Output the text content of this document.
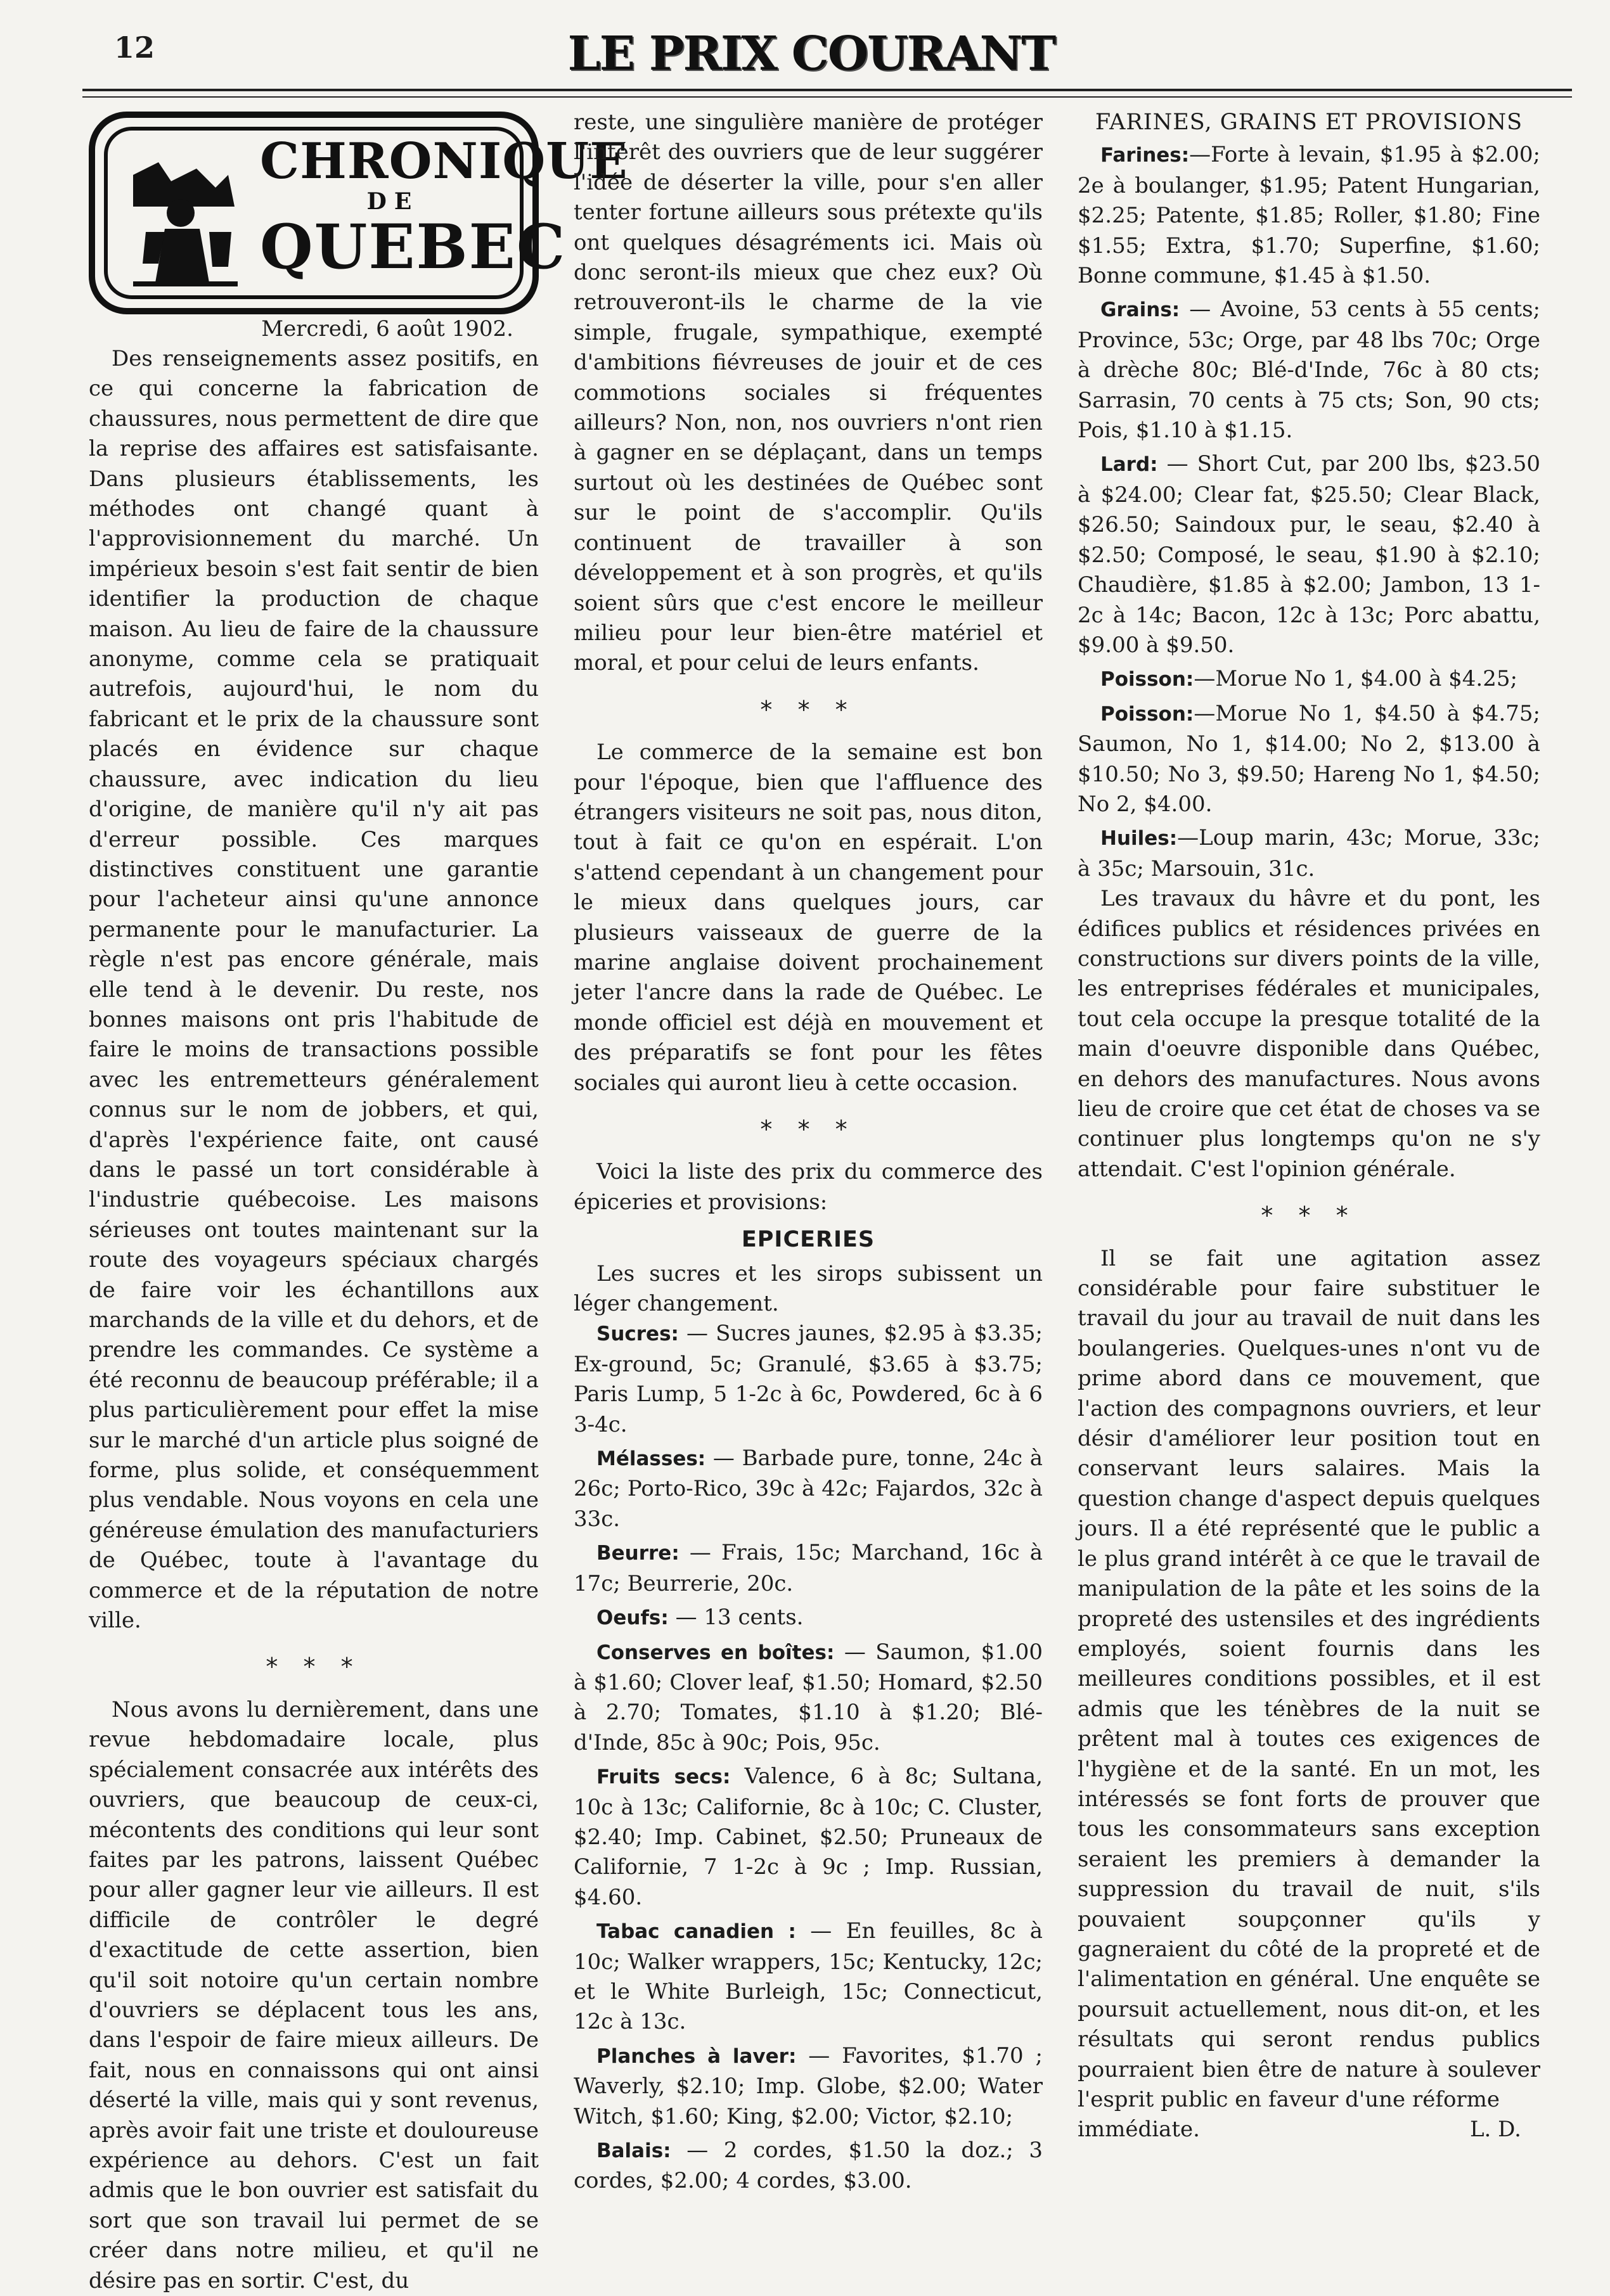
12	LE PRIX COURANT
CHRONIQUE
DE
QUEBEC
Mercredi, 6 août 1902.

Des renseignements assez positifs, en ce qui concerne la fabrication de chaussures, nous permettent de dire que la reprise des affaires est satisfaisante. Dans plusieurs établissements, les méthodes ont changé quant à l'approvisionnement du marché. Un impérieux besoin s'est fait sentir de bien identifier la production de chaque maison. Au lieu de faire de la chaussure anonyme, comme cela se pratiquait autrefois, aujourd'hui, le nom du fabricant et le prix de la chaussure sont placés en évidence sur chaque chaussure, avec indication du lieu d'origine, de manière qu'il n'y ait pas d'erreur possible. Ces marques distinctives constituent une garantie pour l'acheteur ainsi qu'une annonce permanente pour le manufacturier. La règle n'est pas encore générale, mais elle tend à le devenir. Du reste, nos bonnes maisons ont pris l'habitude de faire le moins de transactions possible avec les entremetteurs généralement connus sur le nom de jobbers, et qui, d'après l'expérience faite, ont causé dans le passé un tort considérable à l'industrie québecoise. Les maisons sérieuses ont toutes maintenant sur la route des voyageurs spéciaux chargés de faire voir les échantillons aux marchands de la ville et du dehors, et de prendre les commandes. Ce système a été reconnu de beaucoup préférable; il a plus particulièrement pour effet la mise sur le marché d'un article plus soigné de forme, plus solide, et conséquemment plus vendable. Nous voyons en cela une généreuse émulation des manufacturiers de Québec, toute à l'avantage du commerce et de la réputation de notre ville.

* * *

Nous avons lu dernièrement, dans une revue hebdomadaire locale, plus spécialement consacrée aux intérêts des ouvriers, que beaucoup de ceux-ci, mécontents des conditions qui leur sont faites par les patrons, laissent Québec pour aller gagner leur vie ailleurs. Il est difficile de contrôler le degré d'exactitude de cette assertion, bien qu'il soit notoire qu'un certain nombre d'ouvriers se déplacent tous les ans, dans l'espoir de faire mieux ailleurs. De fait, nous en connaissons qui ont ainsi déserté la ville, mais qui y sont revenus, après avoir fait une triste et douloureuse expérience au dehors. C'est un fait admis que le bon ouvrier est satisfait du sort que son travail lui permet de se créer dans notre milieu, et qu'il ne désire pas en sortir. C'est, du

reste, une singulière manière de protéger l'intérêt des ouvriers que de leur suggérer l'idée de déserter la ville, pour s'en aller tenter fortune ailleurs sous prétexte qu'ils ont quelques désagréments ici. Mais où donc seront-ils mieux que chez eux? Où retrouveront-ils le charme de la vie simple, frugale, sympathique, exempté d'ambitions fiévreuses de jouir et de ces commotions sociales si fréquentes ailleurs? Non, non, nos ouvriers n'ont rien à gagner en se déplaçant, dans un temps surtout où les destinées de Québec sont sur le point de s'accomplir. Qu'ils continuent de travailler à son développement et à son progrès, et qu'ils soient sûrs que c'est encore le meilleur milieu pour leur bien-être matériel et moral, et pour celui de leurs enfants.

* * *

Le commerce de la semaine est bon pour l'époque, bien que l'affluence des étrangers visiteurs ne soit pas, nous diton, tout à fait ce qu'on en espérait. L'on s'attend cependant à un changement pour le mieux dans quelques jours, car plusieurs vaisseaux de guerre de la marine anglaise doivent prochainement jeter l'ancre dans la rade de Québec. Le monde officiel est déjà en mouvement et des préparatifs se font pour les fêtes sociales qui auront lieu à cette occasion.

* * *

Voici la liste des prix du commerce des épiceries et provisions:

EPICERIES

Les sucres et les sirops subissent un léger changement.

Sucres: — Sucres jaunes, $2.95 à $3.35; Ex-ground, 5c; Granulé, $3.65 à $3.75; Paris Lump, 5 1-2c à 6c, Powdered, 6c à 6 3-4c.

Mélasses: — Barbade pure, tonne, 24c à 26c; Porto-Rico, 39c à 42c; Fajardos, 32c à 33c.

Beurre: — Frais, 15c; Marchand, 16c à 17c; Beurrerie, 20c.

Oeufs: — 13 cents.

Conserves en boîtes: — Saumon, $1.00 à $1.60; Clover leaf, $1.50; Homard, $2.50 à 2.70; Tomates, $1.10 à $1.20; Blé-d'Inde, 85c à 90c; Pois, 95c.

Fruits secs: Valence, 6 à 8c; Sultana, 10c à 13c; Californie, 8c à 10c; C. Cluster, $2.40; Imp. Cabinet, $2.50; Pruneaux de Californie, 7 1-2c à 9c ; Imp. Russian, $4.60.

Tabac canadien : — En feuilles, 8c à 10c; Walker wrappers, 15c; Kentucky, 12c; et le White Burleigh, 15c; Connecticut, 12c à 13c.

Planches à laver: — Favorites, $1.70 ; Waverly, $2.10; Imp. Globe, $2.00; Water Witch, $1.60; King, $2.00; Victor, $2.10;

Balais: — 2 cordes, $1.50 la doz.; 3 cordes, $2.00; 4 cordes, $3.00.

FARINES, GRAINS ET PROVISIONS

Farines:—Forte à levain, $1.95 à $2.00; 2e à boulanger, $1.95; Patent Hungarian, $2.25; Patente, $1.85; Roller, $1.80; Fine $1.55; Extra, $1.70; Superfine, $1.60; Bonne commune, $1.45 à $1.50.

Grains: — Avoine, 53 cents à 55 cents; Province, 53c; Orge, par 48 lbs 70c; Orge à drèche 80c; Blé-d'Inde, 76c à 80 cts; Sarrasin, 70 cents à 75 cts; Son, 90 cts; Pois, $1.10 à $1.15.

Lard: — Short Cut, par 200 lbs, $23.50 à $24.00; Clear fat, $25.50; Clear Black, $26.50; Saindoux pur, le seau, $2.40 à $2.50; Composé, le seau, $1.90 à $2.10; Chaudière, $1.85 à $2.00; Jambon, 13 1-2c à 14c; Bacon, 12c à 13c; Porc abattu, $9.00 à $9.50.

Poisson:—Morue No 1, $4.00 à $4.25;

Poisson:—Morue No 1, $4.50 à $4.75; Saumon, No 1, $14.00; No 2, $13.00 à $10.50; No 3, $9.50; Hareng No 1, $4.50; No 2, $4.00.

Huiles:—Loup marin, 43c; Morue, 33c; à 35c; Marsouin, 31c.

Les travaux du hâvre et du pont, les édifices publics et résidences privées en constructions sur divers points de la ville, les entreprises fédérales et municipales, tout cela occupe la presque totalité de la main d'oeuvre disponible dans Québec, en dehors des manufactures. Nous avons lieu de croire que cet état de choses va se continuer plus longtemps qu'on ne s'y attendait. C'est l'opinion générale.

* * *

Il se fait une agitation assez considérable pour faire substituer le travail du jour au travail de nuit dans les boulangeries. Quelques-unes n'ont vu de prime abord dans ce mouvement, que l'action des compagnons ouvriers, et leur désir d'améliorer leur position tout en conservant leurs salaires. Mais la question change d'aspect depuis quelques jours. Il a été représenté que le public a le plus grand intérêt à ce que le travail de manipulation de la pâte et les soins de la propreté des ustensiles et des ingrédients employés, soient fournis dans les meilleures conditions possibles, et il est admis que les ténèbres de la nuit se prêtent mal à toutes ces exigences de l'hygiène et de la santé. En un mot, les intéressés se font forts de prouver que tous les consommateurs sans exception seraient les premiers à demander la suppression du travail de nuit, s'ils pouvaient soupçonner qu'ils y gagneraient du côté de la propreté et de l'alimentation en général. Une enquête se poursuit actuellement, nous dit-on, et les résultats qui seront rendus publics pourraient bien être de nature à soulever l'esprit public en faveur d'une réforme

immédiate.	L. D.
